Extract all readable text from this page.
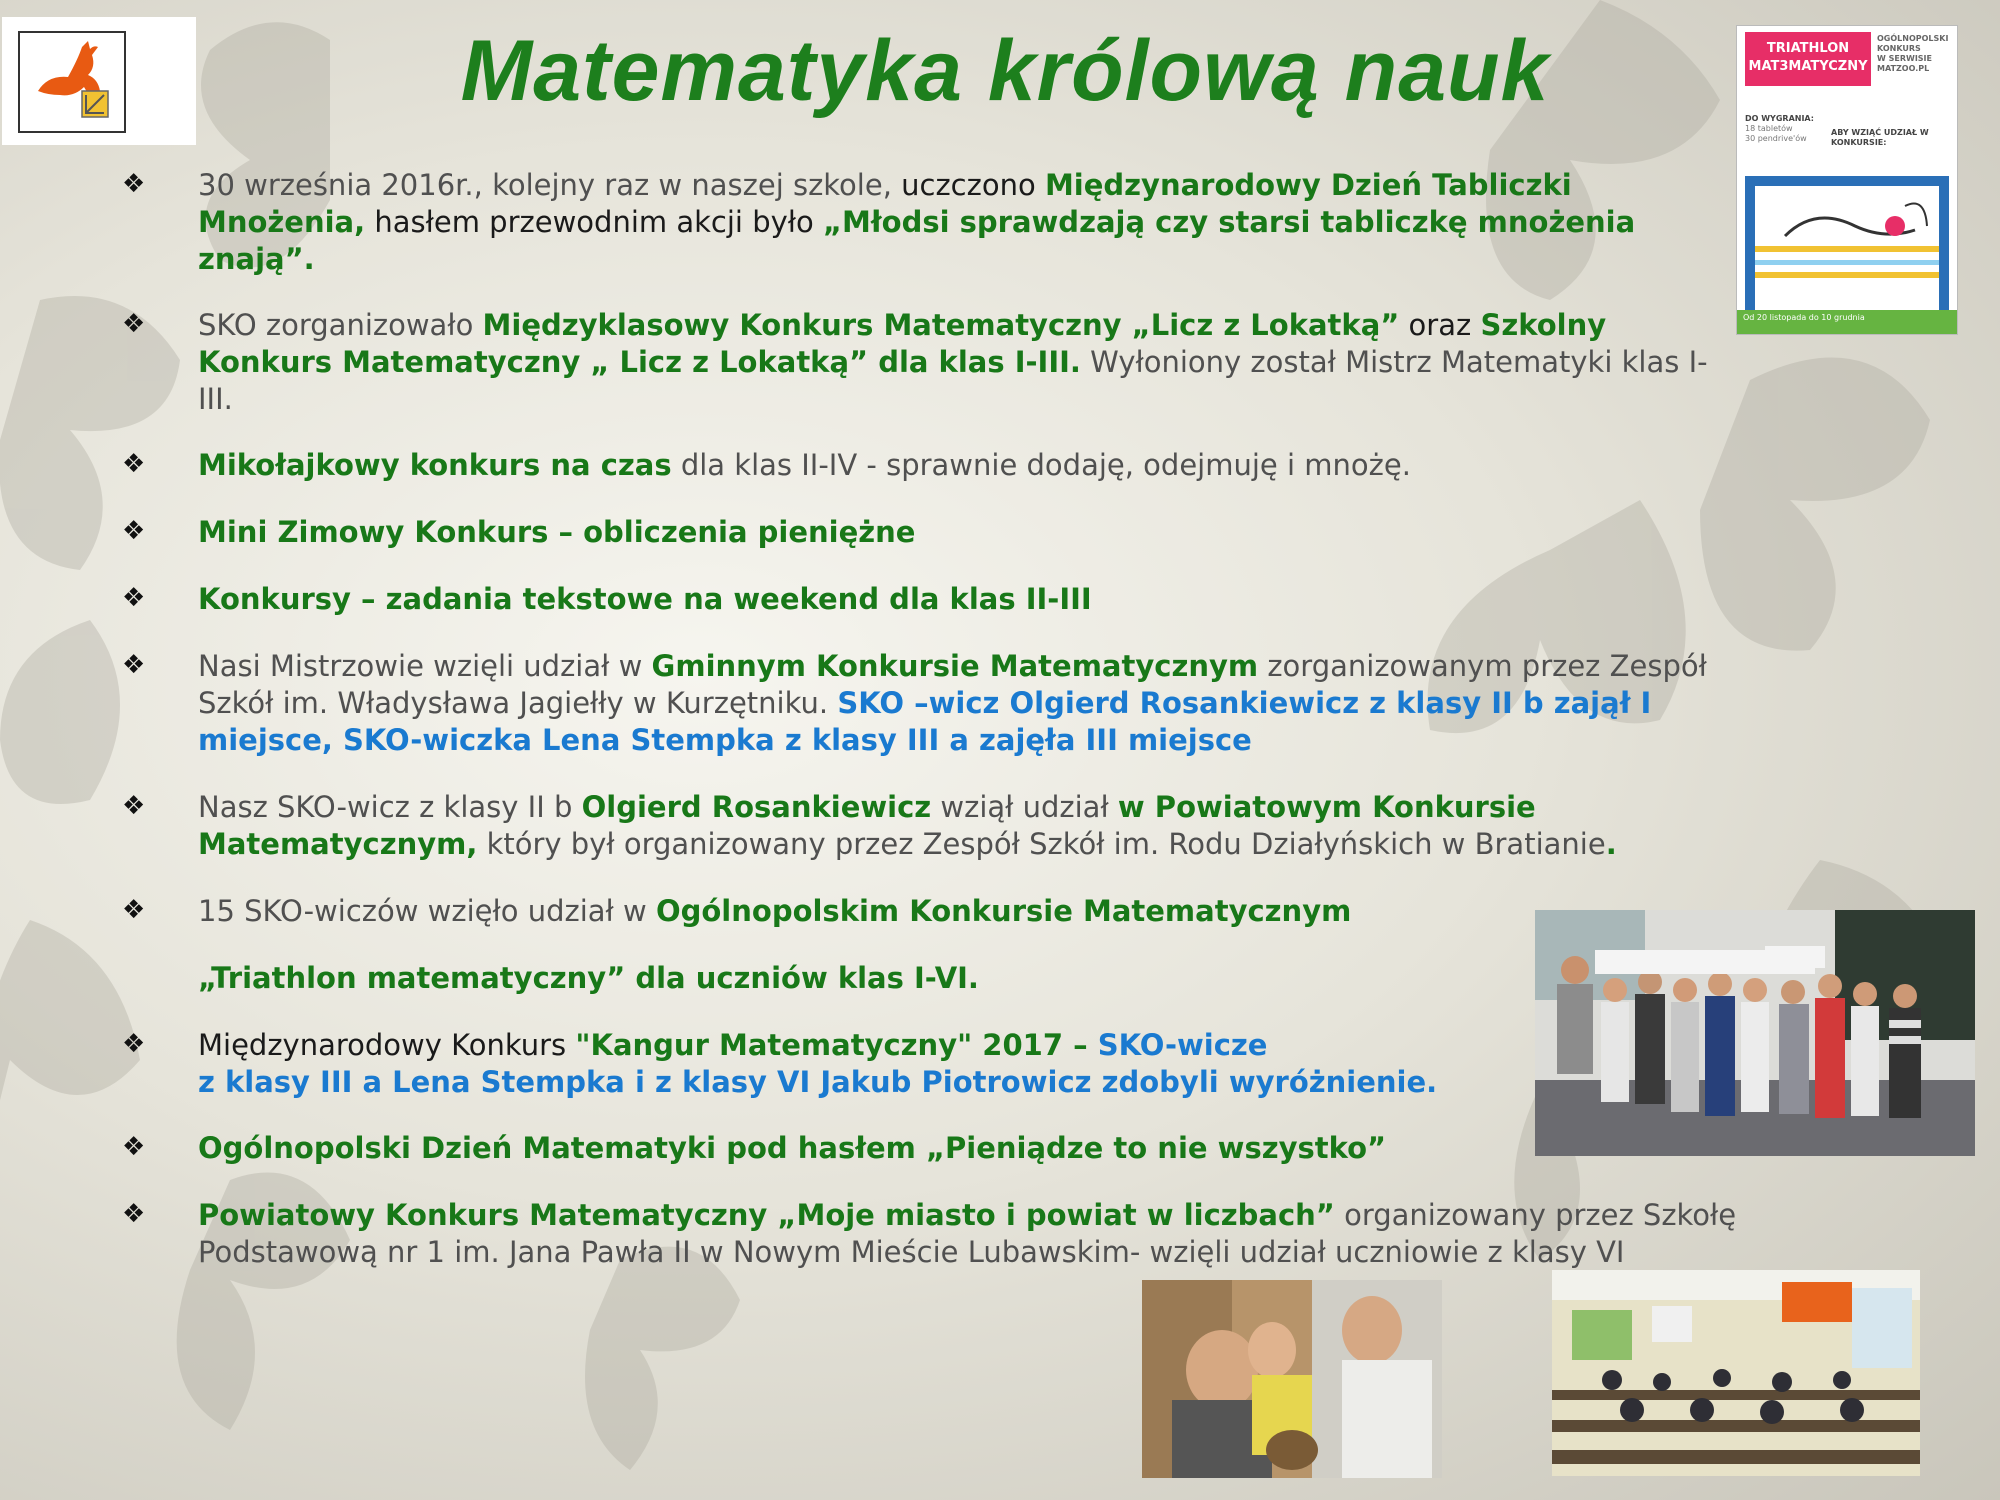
Matematyka królową nauk
❖ 30 września 2016r., kolejny raz w naszej szkole, uczczono Międzynarodowy Dzień Tabliczki Mnożenia, hasłem przewodnim akcji było „Młodsi sprawdzają czy starsi tabliczkę mnożenia znają”.
❖ SKO zorganizowało Międzyklasowy Konkurs Matematyczny „Licz z Lokatką” oraz Szkolny Konkurs Matematyczny „ Licz z Lokatką” dla klas I-III. Wyłoniony został Mistrz Matematyki klas I-III.
❖ Mikołajkowy konkurs na czas dla klas II-IV - sprawnie dodaję, odejmuję i mnożę.
❖ Mini Zimowy Konkurs – obliczenia pieniężne
❖ Konkursy – zadania tekstowe na weekend dla klas II-III
❖ Nasi Mistrzowie wzięli udział w Gminnym Konkursie Matematycznym zorganizowanym przez Zespół Szkół im. Władysława Jagiełły w Kurzętniku. SKO –wicz Olgierd Rosankiewicz z klasy II b zajął I miejsce, SKO-wiczka Lena Stempka z klasy III a zajęła III miejsce
❖ Nasz SKO-wicz z klasy II b Olgierd Rosankiewicz wziął udział w Powiatowym Konkursie Matematycznym, który był organizowany przez Zespół Szkół im. Rodu Działyńskich w Bratianie.
❖ 15 SKO-wiczów wzięło udział w Ogólnopolskim Konkursie Matematycznym
„Triathlon matematyczny” dla uczniów klas I-VI.
❖ Międzynarodowy Konkurs "Kangur Matematyczny" 2017 – SKO-wicze
z klasy III a Lena Stempka i z klasy VI Jakub Piotrowicz zdobyli wyróżnienie.
❖ Ogólnopolski Dzień Matematyki pod hasłem „Pieniądze to nie wszystko”
❖ Powiatowy Konkurs Matematyczny „Moje miasto i powiat w liczbach” organizowany przez Szkołę Podstawową nr 1 im. Jana Pawła II w Nowym Mieście Lubawskim- wzięli udział uczniowie z klasy VI
TRIATHLON
MAT3MATYCZNY
OGÓLNOPOLSKI
KONKURS
W SERWISIE
MATZOO.PL
DO WYGRANIA:
18 tabletów
30 pendrive'ów
ABY WZIĄĆ UDZIAŁ W KONKURSIE:
Od 20 listopada do 10 grudnia
